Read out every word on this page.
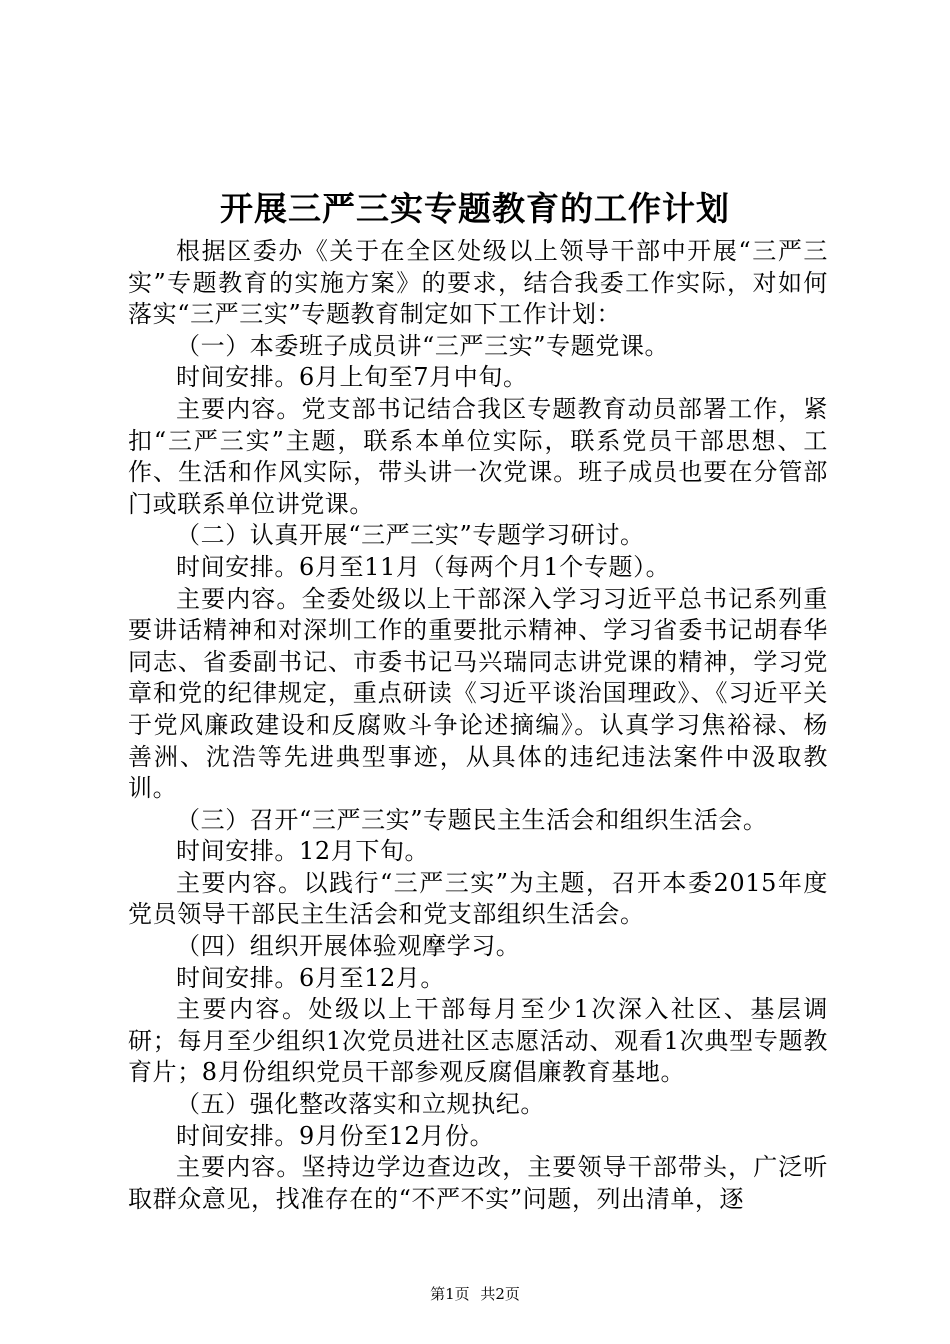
开展三严三实专题教育的工作计划

根据区委办《关于在全区处级以上领导干部中开展“三严三实”专题教育的实施方案》的要求，结合我委工作实际，对如何落实“三严三实”专题教育制定如下工作计划：

（一）本委班子成员讲“三严三实”专题党课。

时间安排。6月上旬至7月中旬。

主要内容。党支部书记结合我区专题教育动员部署工作，紧扣“三严三实”主题，联系本单位实际，联系党员干部思想、工作、生活和作风实际，带头讲一次党课。班子成员也要在分管部门或联系单位讲党课。

（二）认真开展“三严三实”专题学习研讨。

时间安排。6月至11月（每两个月1个专题）。

主要内容。全委处级以上干部深入学习习近平总书记系列重要讲话精神和对深圳工作的重要批示精神、学习省委书记胡春华同志、省委副书记、市委书记马兴瑞同志讲党课的精神，学习党章和党的纪律规定，重点研读《习近平谈治国理政》、《习近平关于党风廉政建设和反腐败斗争论述摘编》。认真学习焦裕禄、杨善洲、沈浩等先进典型事迹，从具体的违纪违法案件中汲取教训。

（三）召开“三严三实”专题民主生活会和组织生活会。

时间安排。12月下旬。

主要内容。以践行“三严三实”为主题，召开本委2015年度党员领导干部民主生活会和党支部组织生活会。

（四）组织开展体验观摩学习。

时间安排。6月至12月。

主要内容。处级以上干部每月至少1次深入社区、基层调研；每月至少组织1次党员进社区志愿活动、观看1次典型专题教育片；8月份组织党员干部参观反腐倡廉教育基地。

（五）强化整改落实和立规执纪。

时间安排。9月份至12月份。

主要内容。坚持边学边查边改，主要领导干部带头，广泛听取群众意见，找准存在的“不严不实”问题，列出清单，逐

第1页 共2页
